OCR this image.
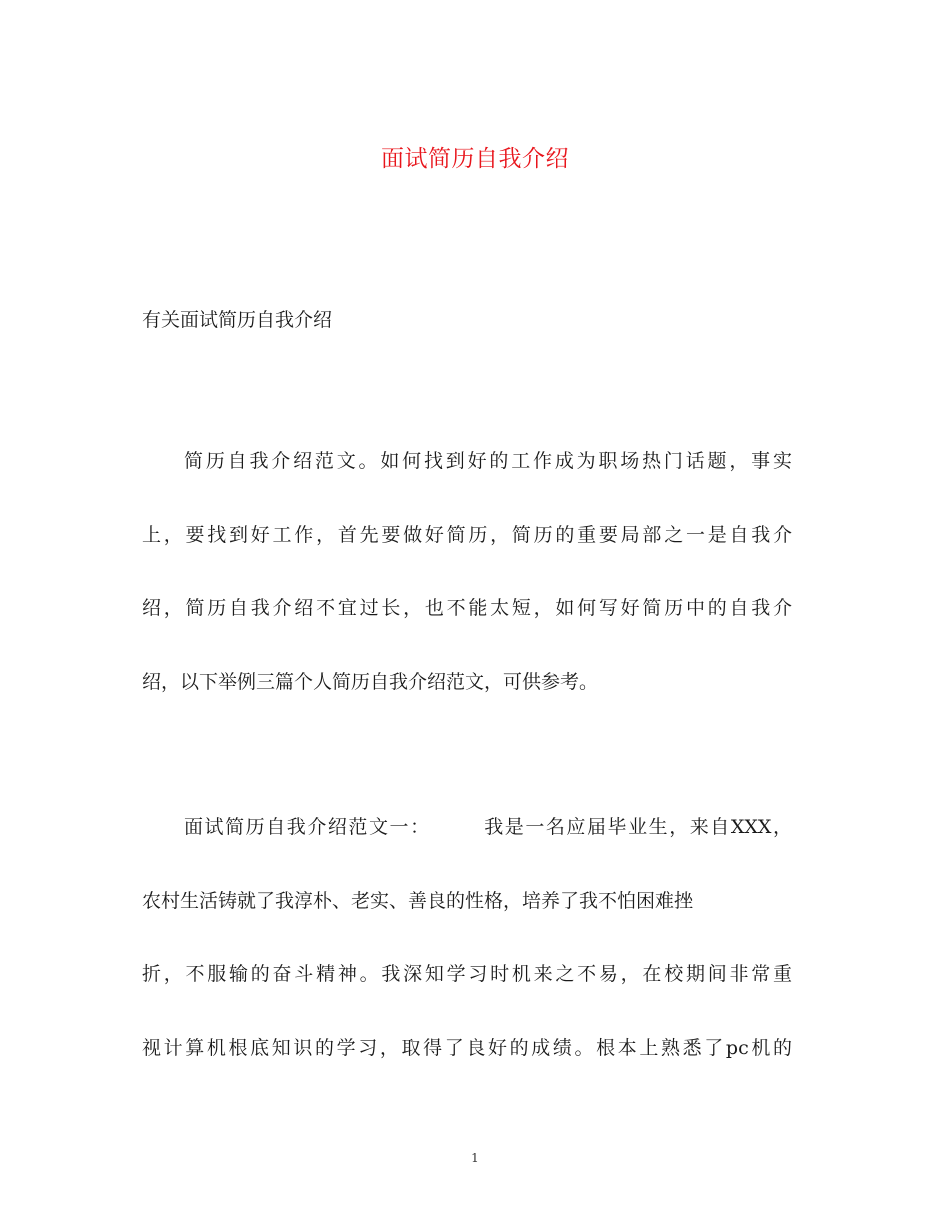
面试简历自我介绍
有关面试简历自我介绍
简历自我介绍范文。如何找到好的工作成为职场热门话题，事实
上，要找到好工作，首先要做好简历，简历的重要局部之一是自我介
绍，简历自我介绍不宜过长，也不能太短，如何写好简历中的自我介
绍，以下举例三篇个人简历自我介绍范文，可供参考。
面试简历自我介绍范文一：	我是一名应届毕业生，来自XXX，
农村生活铸就了我淳朴、老实、善良的性格，培养了我不怕困难挫
折，不服输的奋斗精神。我深知学习时机来之不易，在校期间非常重
视计算机根底知识的学习，取得了良好的成绩。根本上熟悉了pc机的
1
